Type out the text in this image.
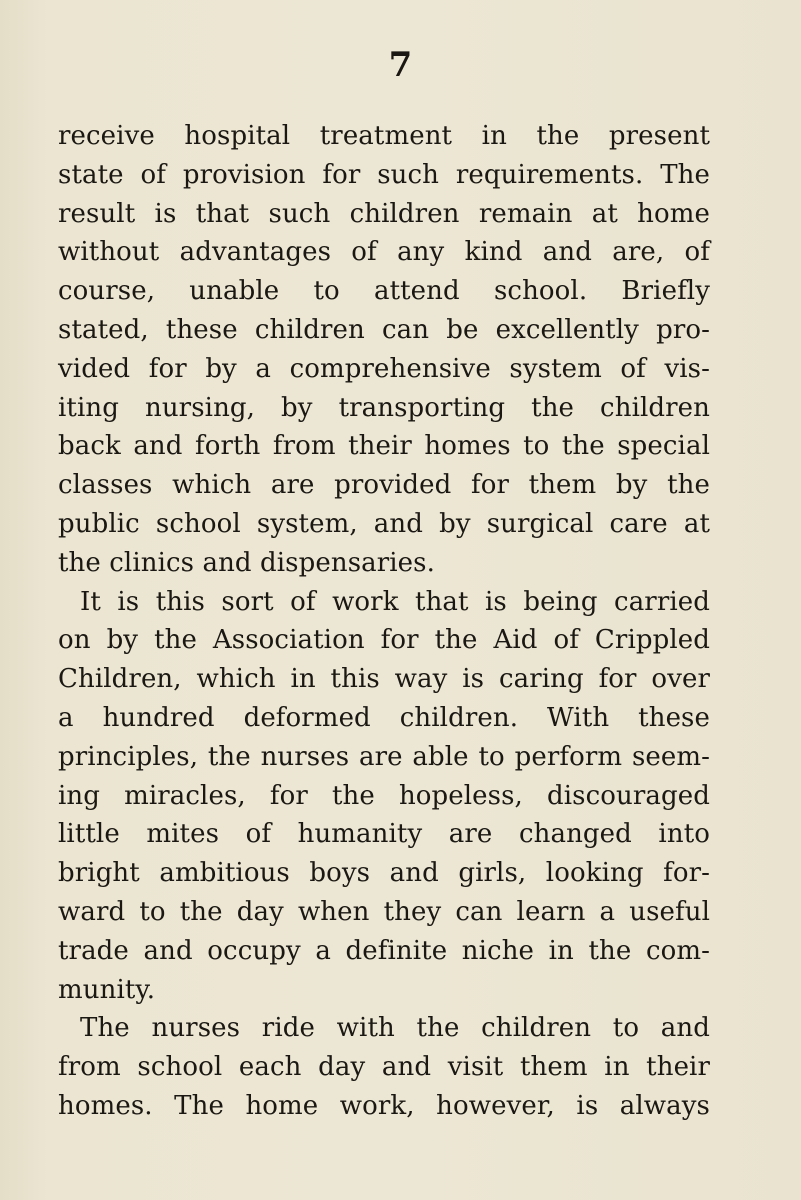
7
receive hospital treatment in the present
state of provision for such requirements. The
result is that such children remain at home
without advantages of any kind and are, of
course, unable to attend school. Briefly
stated, these children can be excellently pro-
vided for by a comprehensive system of vis-
iting nursing, by transporting the children
back and forth from their homes to the special
classes which are provided for them by the
public school system, and by surgical care at
the clinics and dispensaries.
It is this sort of work that is being carried
on by the Association for the Aid of Crippled
Children, which in this way is caring for over
a hundred deformed children. With these
principles, the nurses are able to perform seem-
ing miracles, for the hopeless, discouraged
little mites of humanity are changed into
bright ambitious boys and girls, looking for-
ward to the day when they can learn a useful
trade and occupy a definite niche in the com-
munity.
The nurses ride with the children to and
from school each day and visit them in their
homes. The home work, however, is always
